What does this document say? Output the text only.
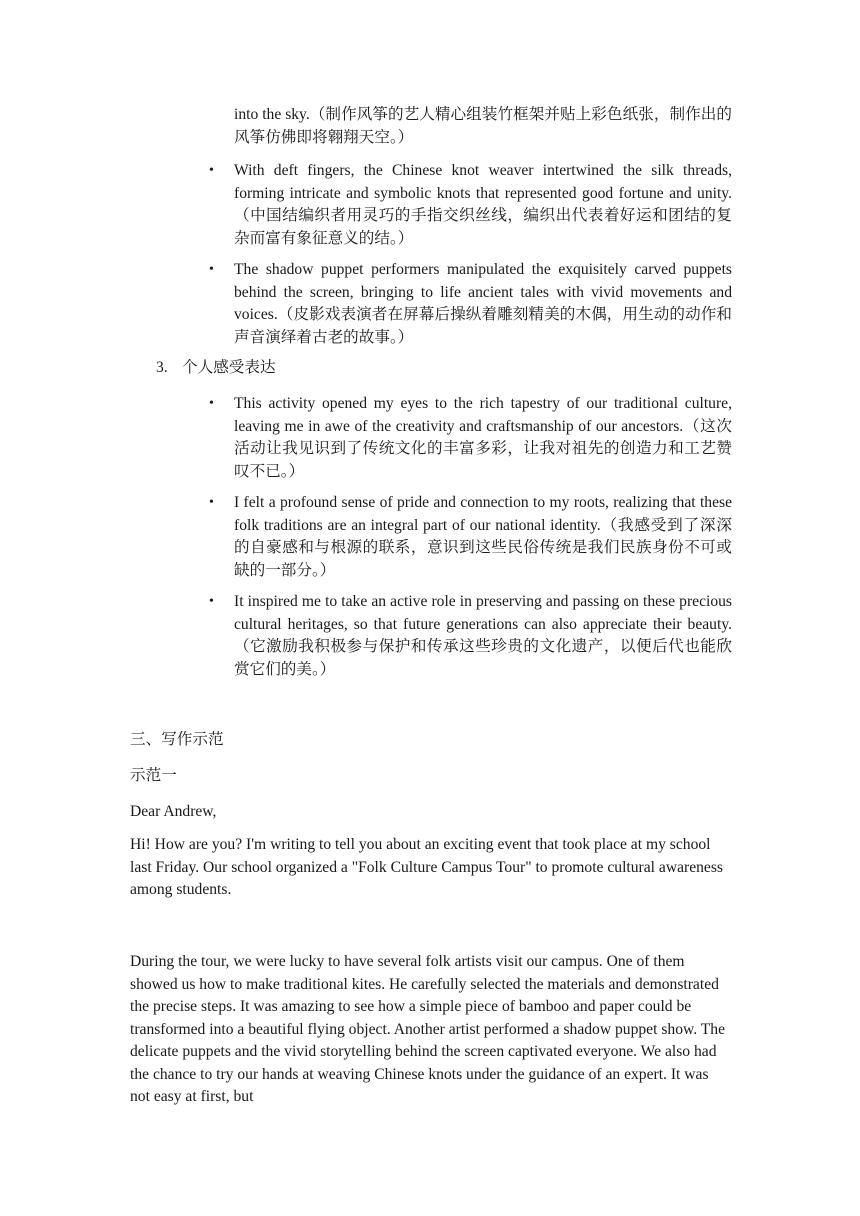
into the sky.（制作风筝的艺人精心组装竹框架并贴上彩色纸张，制作出的风筝仿佛即将翱翔天空。）
• With deft fingers, the Chinese knot weaver intertwined the silk threads, forming intricate and symbolic knots that represented good fortune and unity.（中国结编织者用灵巧的手指交织丝线，编织出代表着好运和团结的复杂而富有象征意义的结。）
• The shadow puppet performers manipulated the exquisitely carved puppets behind the screen, bringing to life ancient tales with vivid movements and voices.（皮影戏表演者在屏幕后操纵着雕刻精美的木偶，用生动的动作和声音演绎着古老的故事。）
3. 个人感受表达
• This activity opened my eyes to the rich tapestry of our traditional culture, leaving me in awe of the creativity and craftsmanship of our ancestors.（这次活动让我见识到了传统文化的丰富多彩，让我对祖先的创造力和工艺赞叹不已。）
• I felt a profound sense of pride and connection to my roots, realizing that these folk traditions are an integral part of our national identity.（我感受到了深深的自豪感和与根源的联系，意识到这些民俗传统是我们民族身份不可或缺的一部分。）
• It inspired me to take an active role in preserving and passing on these precious cultural heritages, so that future generations can also appreciate their beauty.（它激励我积极参与保护和传承这些珍贵的文化遗产，以便后代也能欣赏它们的美。）
三、写作示范
示范一
Dear Andrew,
Hi! How are you? I'm writing to tell you about an exciting event that took place at my school last Friday. Our school organized a "Folk Culture Campus Tour" to promote cultural awareness among students.
During the tour, we were lucky to have several folk artists visit our campus. One of them showed us how to make traditional kites. He carefully selected the materials and demonstrated the precise steps. It was amazing to see how a simple piece of bamboo and paper could be transformed into a beautiful flying object. Another artist performed a shadow puppet show. The delicate puppets and the vivid storytelling behind the screen captivated everyone. We also had the chance to try our hands at weaving Chinese knots under the guidance of an expert. It was not easy at first, but
